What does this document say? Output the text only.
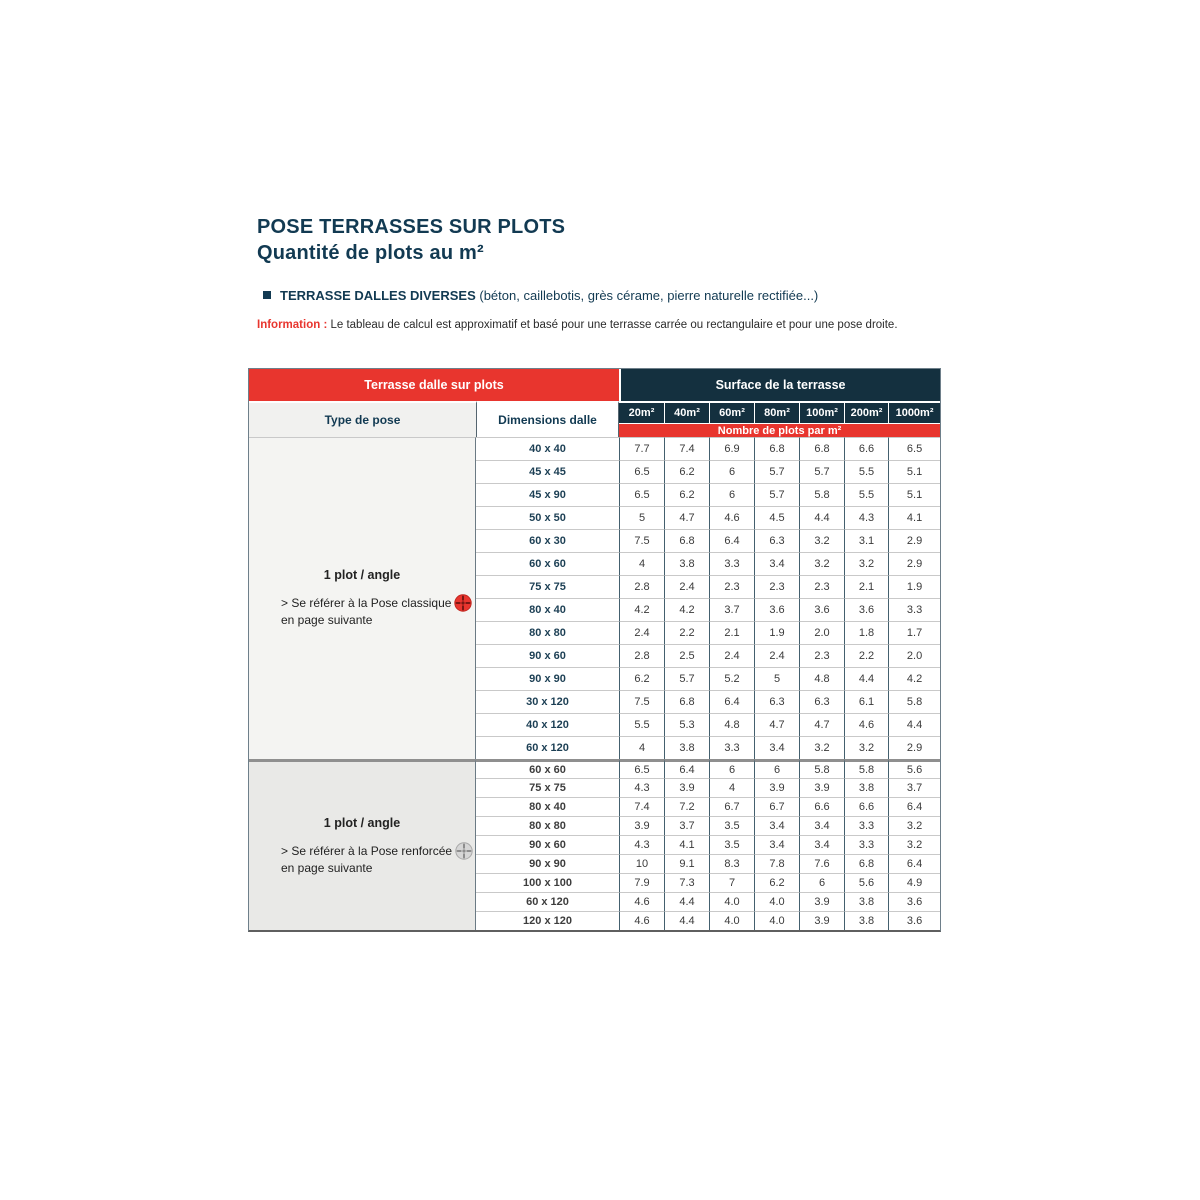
POSE TERRASSES SUR PLOTS
Quantité de plots au m²
TERRASSE DALLES DIVERSES (béton, caillebotis, grès cérame, pierre naturelle rectifiée...)
Information : Le tableau de calcul est approximatif et basé pour une terrasse carrée ou rectangulaire et pour une pose droite.
Terrasse dalle sur plots		Surface de la terrasse						
Type de pose	Dimensions dalle	20m²	40m²	60m²	80m²	100m²	200m²	1000m²
		Nombre de plots par m²						

1 plot / angle
> Se référer à la Pose classique
en page suivante	40 x 40	7.7	7.4	6.9	6.8	6.8	6.6	6.5
	45 x 45	6.5	6.2	6	5.7	5.7	5.5	5.1
	45 x 90	6.5	6.2	6	5.7	5.8	5.5	5.1
	50 x 50	5	4.7	4.6	4.5	4.4	4.3	4.1
	60 x 30	7.5	6.8	6.4	6.3	3.2	3.1	2.9
	60 x 60	4	3.8	3.3	3.4	3.2	3.2	2.9
	75 x 75	2.8	2.4	2.3	2.3	2.3	2.1	1.9
	80 x 40	4.2	4.2	3.7	3.6	3.6	3.6	3.3
	80 x 80	2.4	2.2	2.1	1.9	2.0	1.8	1.7
	90 x 60	2.8	2.5	2.4	2.4	2.3	2.2	2.0
	90 x 90	6.2	5.7	5.2	5	4.8	4.4	4.2
	30 x 120	7.5	6.8	6.4	6.3	6.3	6.1	5.8
	40 x 120	5.5	5.3	4.8	4.7	4.7	4.6	4.4
	60 x 120	4	3.8	3.3	3.4	3.2	3.2	2.9

1 plot / angle
> Se référer à la Pose renforcée
en page suivante	60 x 60	6.5	6.4	6	6	5.8	5.8	5.6
	75 x 75	4.3	3.9	4	3.9	3.9	3.8	3.7
	80 x 40	7.4	7.2	6.7	6.7	6.6	6.6	6.4
	80 x 80	3.9	3.7	3.5	3.4	3.4	3.3	3.2
	90 x 60	4.3	4.1	3.5	3.4	3.4	3.3	3.2
	90 x 90	10	9.1	8.3	7.8	7.6	6.8	6.4
	100 x 100	7.9	7.3	7	6.2	6	5.6	4.9
	60 x 120	4.6	4.4	4.0	4.0	3.9	3.8	3.6
	120 x 120	4.6	4.4	4.0	4.0	3.9	3.8	3.6
